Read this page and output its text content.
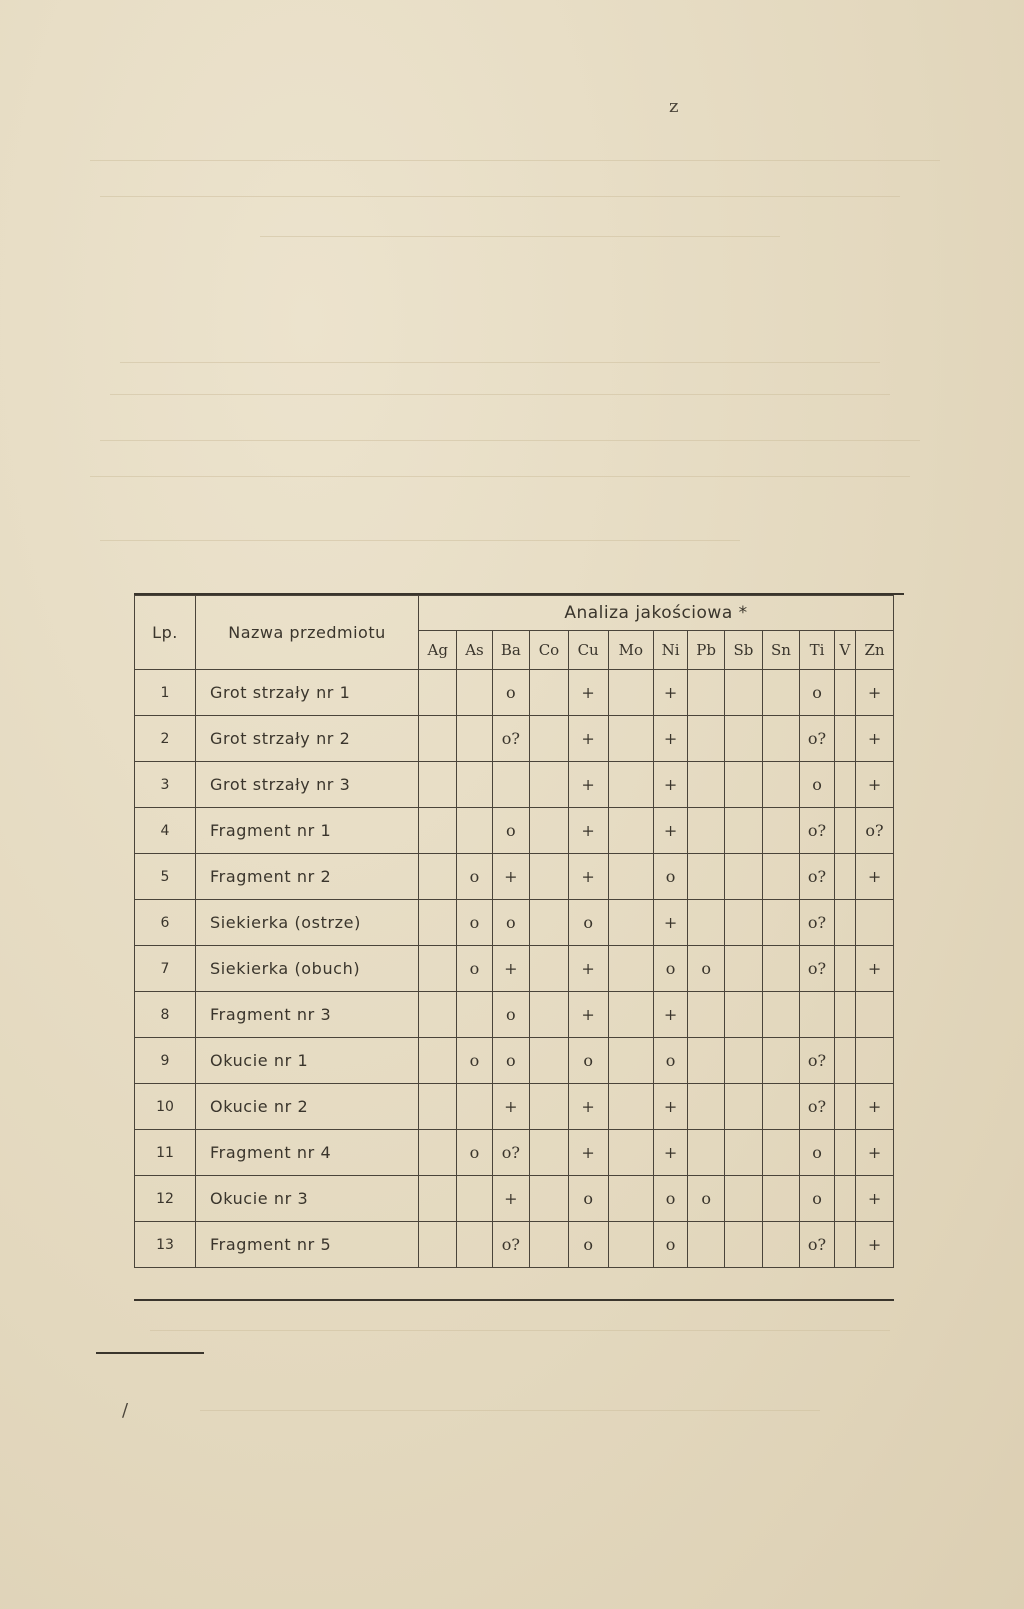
z
Lp.	Nazwa przedmiotu	Analiza jakościowa *												
		Ag	As	Ba	Co	Cu	Mo	Ni	Pb	Sb	Sn	Ti	V	Zn
1	Grot strzały nr 1			o		+		+				o		+
2	Grot strzały nr 2			o?		+		+				o?		+
3	Grot strzały nr 3					+		+				o		+
4	Fragment nr 1			o		+		+				o?		o?
5	Fragment nr 2		o	+		+		o				o?		+
6	Siekierka (ostrze)		o	o		o		+				o?		
7	Siekierka (obuch)		o	+		+		o	o			o?		+
8	Fragment nr 3			o		+		+						
9	Okucie nr 1		o	o		o		o				o?		
10	Okucie nr 2			+		+		+				o?		+
11	Fragment nr 4		o	o?		+		+				o		+
12	Okucie nr 3			+		o		o	o			o		+
13	Fragment nr 5			o?		o		o				o?		+
/
